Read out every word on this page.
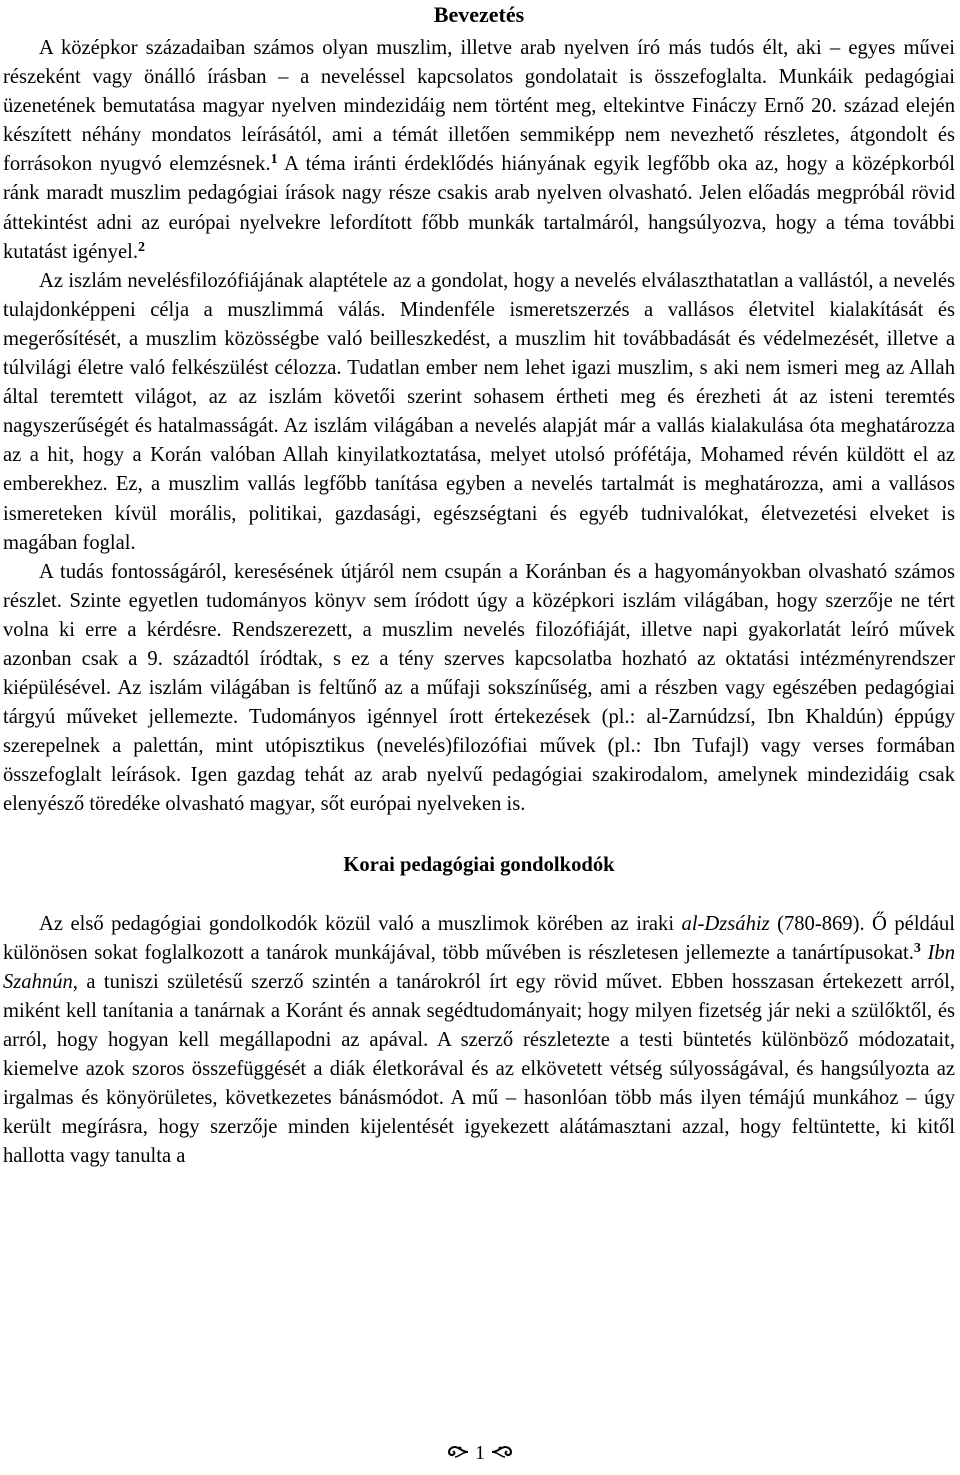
Bevezetés

A középkor századaiban számos olyan muszlim, illetve arab nyelven író más tudós élt, aki – egyes művei részeként vagy önálló írásban – a neveléssel kapcsolatos gondolatait is összefoglalta. Munkáik pedagógiai üzenetének bemutatása magyar nyelven mindezidáig nem történt meg, eltekintve Fináczy Ernő 20. század elején készített néhány mondatos leírásától, ami a témát illetően semmiképp nem nevezhető részletes, átgondolt és forrásokon nyugvó elemzésnek.$^1$ A téma iránti érdeklődés hiányának egyik legfőbb oka az, hogy a középkorból ránk maradt muszlim pedagógiai írások nagy része csakis arab nyelven olvasható. Jelen előadás megpróbál rövid áttekintést adni az európai nyelvekre lefordított főbb munkák tartalmáról, hangsúlyozva, hogy a téma további kutatást igényel.$^2$

Az iszlám nevelésfilozófiájának alaptétele az a gondolat, hogy a nevelés elválaszthatatlan a vallástól, a nevelés tulajdonképpeni célja a muszlimmá válás. Mindenféle ismeretszerzés a vallásos életvitel kialakítását és megerősítését, a muszlim közösségbe való beilleszkedést, a muszlim hit továbbadását és védelmezését, illetve a túlvilági életre való felkészülést célozza. Tudatlan ember nem lehet igazi muszlim, s aki nem ismeri meg az Allah által teremtett világot, az az iszlám követői szerint sohasem értheti meg és érezheti át az isteni teremtés nagyszerűségét és hatalmasságát. Az iszlám világában a nevelés alapját már a vallás kialakulása óta meghatározza az a hit, hogy a Korán valóban Allah kinyilatkoztatása, melyet utolsó prófétája, Mohamed révén küldött el az emberekhez. Ez, a muszlim vallás legfőbb tanítása egyben a nevelés tartalmát is meghatározza, ami a vallásos ismereteken kívül morális, politikai, gazdasági, egészségtani és egyéb tudnivalókat, életvezetési elveket is magában foglal.

A tudás fontosságáról, keresésének útjáról nem csupán a Koránban és a hagyományokban olvasható számos részlet. Szinte egyetlen tudományos könyv sem íródott úgy a középkori iszlám világában, hogy szerzője ne tért volna ki erre a kérdésre. Rendszerezett, a muszlim nevelés filozófiáját, illetve napi gyakorlatát leíró művek azonban csak a 9. századtól íródtak, s ez a tény szerves kapcsolatba hozható az oktatási intézményrendszer kiépülésével. Az iszlám világában is feltűnő az a műfaji sokszínűség, ami a részben vagy egészében pedagógiai tárgyú műveket jellemezte. Tudományos igénnyel írott értekezések (pl.: al-Zarnúdzsí, Ibn Khaldún) éppúgy szerepelnek a palettán, mint utópisztikus (nevelés)filozófiai művek (pl.: Ibn Tufajl) vagy verses formában összefoglalt leírások. Igen gazdag tehát az arab nyelvű pedagógiai szakirodalom, amelynek mindezidáig csak elenyésző töredéke olvasható magyar, sőt európai nyelveken is.

Korai pedagógiai gondolkodók

Az első pedagógiai gondolkodók közül való a muszlimok körében az iraki al-Dzsáhiz (780-869). Ő például különösen sokat foglalkozott a tanárok munkájával, több művében is részletesen jellemezte a tanártípusokat.$^3$ Ibn Szahnún, a tuniszi születésű szerző szintén a tanárokról írt egy rövid művet. Ebben hosszasan értekezett arról, miként kell tanítania a tanárnak a Koránt és annak segédtudományait; hogy milyen fizetség jár neki a szülőktől, és arról, hogy hogyan kell megállapodni az apával. A szerző részletezte a testi büntetés különböző módozatait, kiemelve azok szoros összefüggését a diák életkorával és az elkövetett vétség súlyosságával, és hangsúlyozta az irgalmas és könyörületes, következetes bánásmódot. A mű – hasonlóan több más ilyen témájú munkához – úgy került megírásra, hogy szerzője minden kijelentését igyekezett alátámasztani azzal, hogy feltüntette, ki kitől hallotta vagy tanulta a

1
